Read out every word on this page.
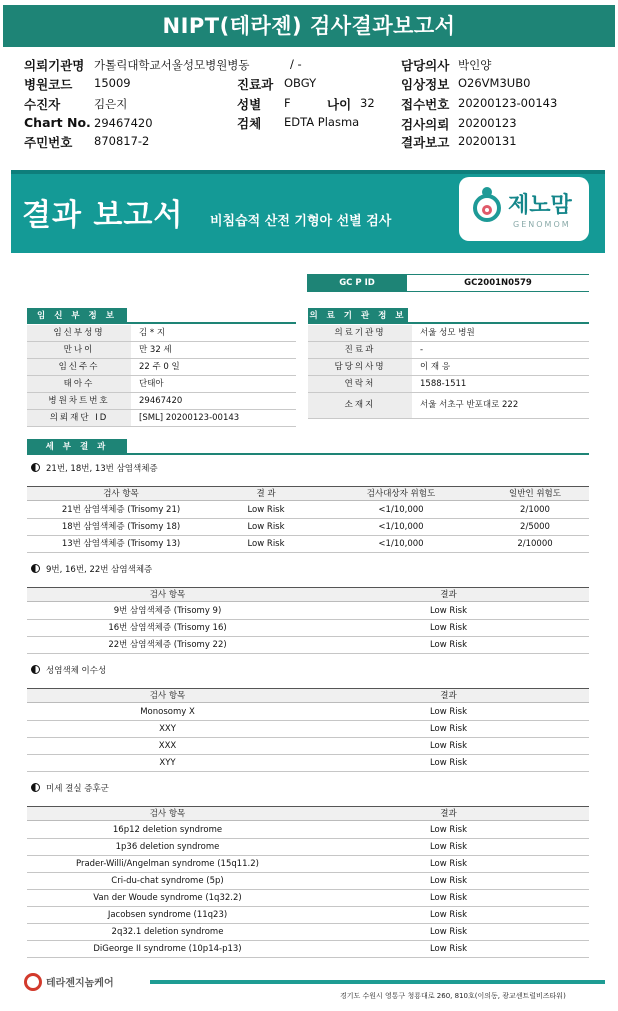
NIPT(테라젠) 검사결과보고서
의뢰기관명 가톨릭대학교서울성모병원병동	/ -
병원코드 15009
수진자	김은지
Chart No. 29467420
주민번호 870817-2
진료과 OBGY
성별 F	나이 32
검체 EDTA Plasma
담당의사 박인양
임상정보 O26VM3UB0
접수번호 20200123-00143
검사의뢰 20200123
결과보고 20200131
결과 보고서 비침습적 산전 기형아 선별 검사
제노맘
GENOMOM
GC P ID	GC2001N0579
임 신 부 정 보
임신부성명	김 * 지
만나이	만 32 세
임신주수	22 주 0 일
태아수	단태아
병원차트번호	29467420
의뢰재단 ID	[SML] 20200123-00143
의 료 기 관 정 보
의료기관명	서울 성모 병원
진료과	-
담당의사명	이 재 응
연락처	1588-1511
소재지	서울 서초구 반포대로 222
세 부 결 과
21번, 18번, 13번 삼염색체증
검사 항목	결 과	검사대상자 위험도	일반인 위험도
21번 삼염색체증 (Trisomy 21)	Low Risk	<1/10,000	2/1000
18번 삼염색체증 (Trisomy 18)	Low Risk	<1/10,000	2/5000
13번 삼염색체증 (Trisomy 13)	Low Risk	<1/10,000	2/10000
9번, 16번, 22번 삼염색체증
검사 항목	결과
9번 삼염색체증 (Trisomy 9)	Low Risk
16번 삼염색체증 (Trisomy 16)	Low Risk
22번 삼염색체증 (Trisomy 22)	Low Risk
성염색체 이수성
검사 항목	결과
Monosomy X	Low Risk
XXY	Low Risk
XXX	Low Risk
XYY	Low Risk
미세 결실 증후군
검사 항목	결과
16p12 deletion syndrome	Low Risk
1p36 deletion syndrome	Low Risk
Prader-Willi/Angelman syndrome (15q11.2)	Low Risk
Cri-du-chat syndrome (5p)	Low Risk
Van der Woude syndrome (1q32.2)	Low Risk
Jacobsen syndrome (11q23)	Low Risk
2q32.1 deletion syndrome	Low Risk
DiGeorge II syndrome (10p14-p13)	Low Risk
테라젠지놈케어
경기도 수원시 영통구 청룡대로 260, 810호(이의동, 광교센트럴비즈타워)
